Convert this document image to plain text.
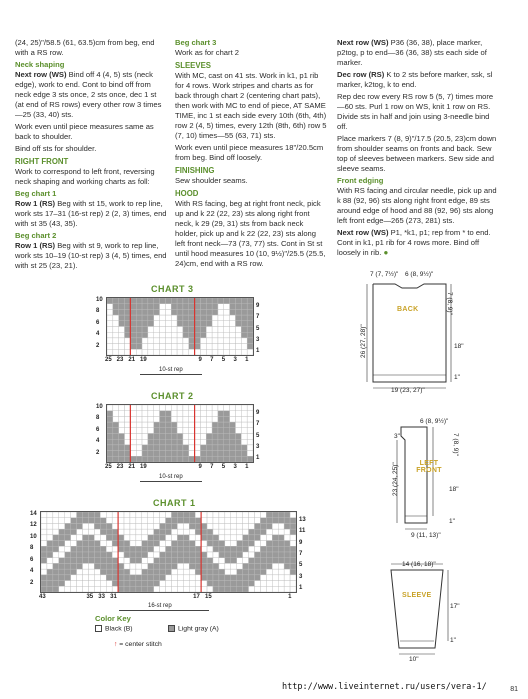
(24, 25)"/58.5 (61, 63.5)cm from beg, end with a RS row.
Neck shaping
Next row (WS) Bind off 4 (4, 5) sts (neck edge), work to end. Cont to bind off from neck edge 3 sts once, 2 sts once, dec 1 st (at end of RS rows) every other row 3 times—25 (33, 40) sts.
Work even until piece measures same as back to shoulder.
Bind off sts for shoulder.
RIGHT FRONT
Work to correspond to left front, reversing neck shaping and working charts as foll:
Beg chart 1
Row 1 (RS) Beg with st 15, work to rep line, work sts 17–31 (16-st rep) 2 (2, 3) times, end with st 35 (43, 35).
Beg chart 2
Row 1 (RS) Beg with st 9, work to rep line, work sts 10–19 (10-st rep) 3 (4, 5) times, end with st 25 (23, 21).
Beg chart 3
Work as for chart 2
SLEEVES
With MC, cast on 41 sts. Work in k1, p1 rib for 4 rows. Work stripes and charts as for back through chart 2 (centering chart pats), then work with MC to end of piece, AT SAME TIME, inc 1 st each side every 10th (6th, 4th) row 2 (4, 5) times, every 12th (8th, 6th) row 5 (7, 10) times—55 (63, 71) sts.
Work even until piece measures 18"/20.5cm from beg. Bind off loosely.
FINISHING
Sew shoulder seams.
HOOD
With RS facing, beg at right front neck, pick up and k 22 (22, 23) sts along right front neck, k 29 (29, 31) sts from back neck holder, pick up and k 22 (22, 23) sts along left front neck—73 (73, 77) sts. Cont in St st until hood measures 10 (10, 9½)"/25.5 (25.5, 24)cm, end with a RS row.
Next row (WS) P36 (36, 38), place marker, p2tog, p to end—36 (36, 38) sts each side of marker.
Dec row (RS) K to 2 sts before marker, ssk, sl marker, k2tog, k to end.
Rep dec row every RS row 5 (5, 7) times more—60 sts. Purl 1 row on WS, knit 1 row on RS. Divide sts in half and join using 3-needle bind off.
Place markers 7 (8, 9)"/17.5 (20.5, 23)cm down from shoulder seams on fronts and back. Sew top of sleeves between markers. Sew side and sleeve seams.
Front edging
With RS facing and circular needle, pick up and k 88 (92, 96) sts along right front edge, 89 sts around edge of hood and 88 (92, 96) sts along left front edge—265 (273, 281) sts.
Next row (WS) P1, *k1, p1; rep from * to end. Cont in k1, p1 rib for 4 rows more. Bind off loosely in rib. ●
CHART 3
10
8
6
4
2
9
7
5
3
1
25 23 21 19	9 7 5 3 1
10-st rep
CHART 2
10
8
6
4
2
9
7
5
3
1
25 23 21 19	9 7 5 3 1
10-st rep
CHART 1
14
12
10
8
6
4
2
13
11
9
7
5
3
1
43	35 33 31	17 15	1
16-st rep
Color Key
Black (B)	Light gray (A)
↑ = center stitch
BACK
7 (7, 7½)" 6 (8, 9½)"
7 (8, 9)"
26 (27, 28)"	18"
1"
19 (23, 27)"
LEFT FRONT
6 (8, 9½)"
3"	7 (8, 9)"
23 (24, 25)"	18"
1"
9 (11, 13)"
SLEEVE
14 (16, 18)"
17"
1"
10"
81
http://www.liveinternet.ru/users/vera-1/
